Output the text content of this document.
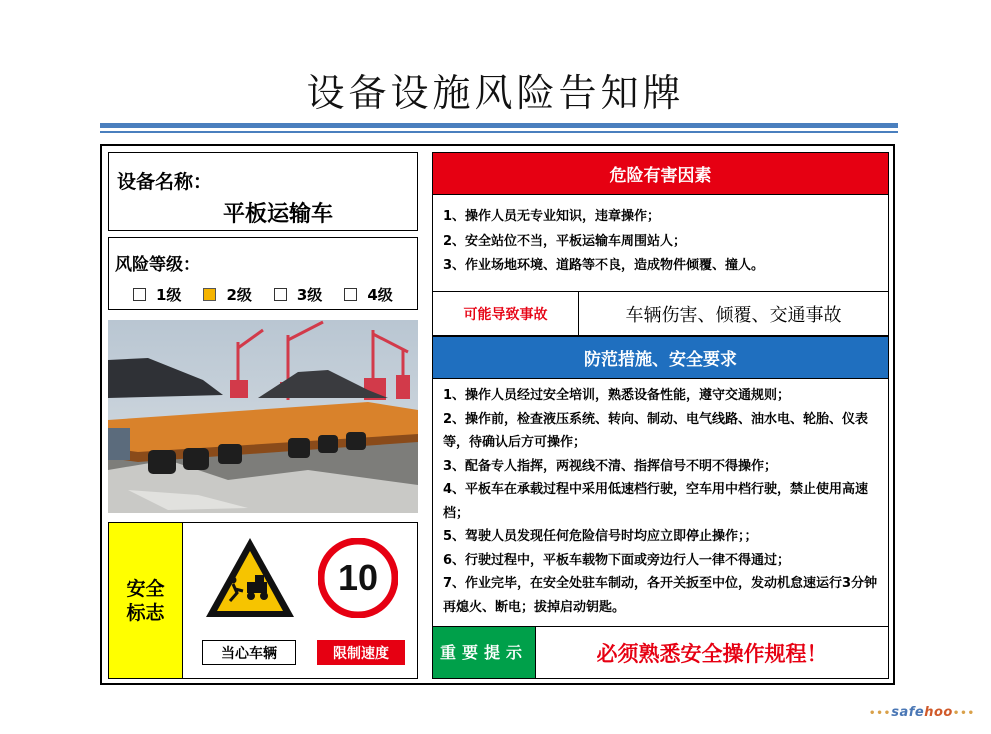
设备设施风险告知牌
设备名称：
平板运输车
风险等级：
1级	2级	3级	4级
安全标志
10
当心车辆	限制速度
危险有害因素
1、操作人员无专业知识，违章操作；
2、安全站位不当，平板运输车周围站人；
3、作业场地环境、道路等不良，造成物件倾覆、撞人。
可能导致事故	车辆伤害、倾覆、交通事故
防范措施、安全要求
1、操作人员经过安全培训，熟悉设备性能，遵守交通规则；
2、操作前，检查液压系统、转向、制动、电气线路、油水电、轮胎、仪表等，待确认后方可操作；
3、配备专人指挥，两视线不清、指挥信号不明不得操作；
4、平板车在承载过程中采用低速档行驶，空车用中档行驶，禁止使用高速档；
5、驾驶人员发现任何危险信号时均应立即停止操作；；
6、行驶过程中，平板车载物下面或旁边行人一律不得通过；
7、作业完毕，在安全处驻车制动，各开关扳至中位，发动机怠速运行3分钟再熄火、断电；拔掉启动钥匙。
重要提示	必须熟悉安全操作规程！
•••safehoo•••
